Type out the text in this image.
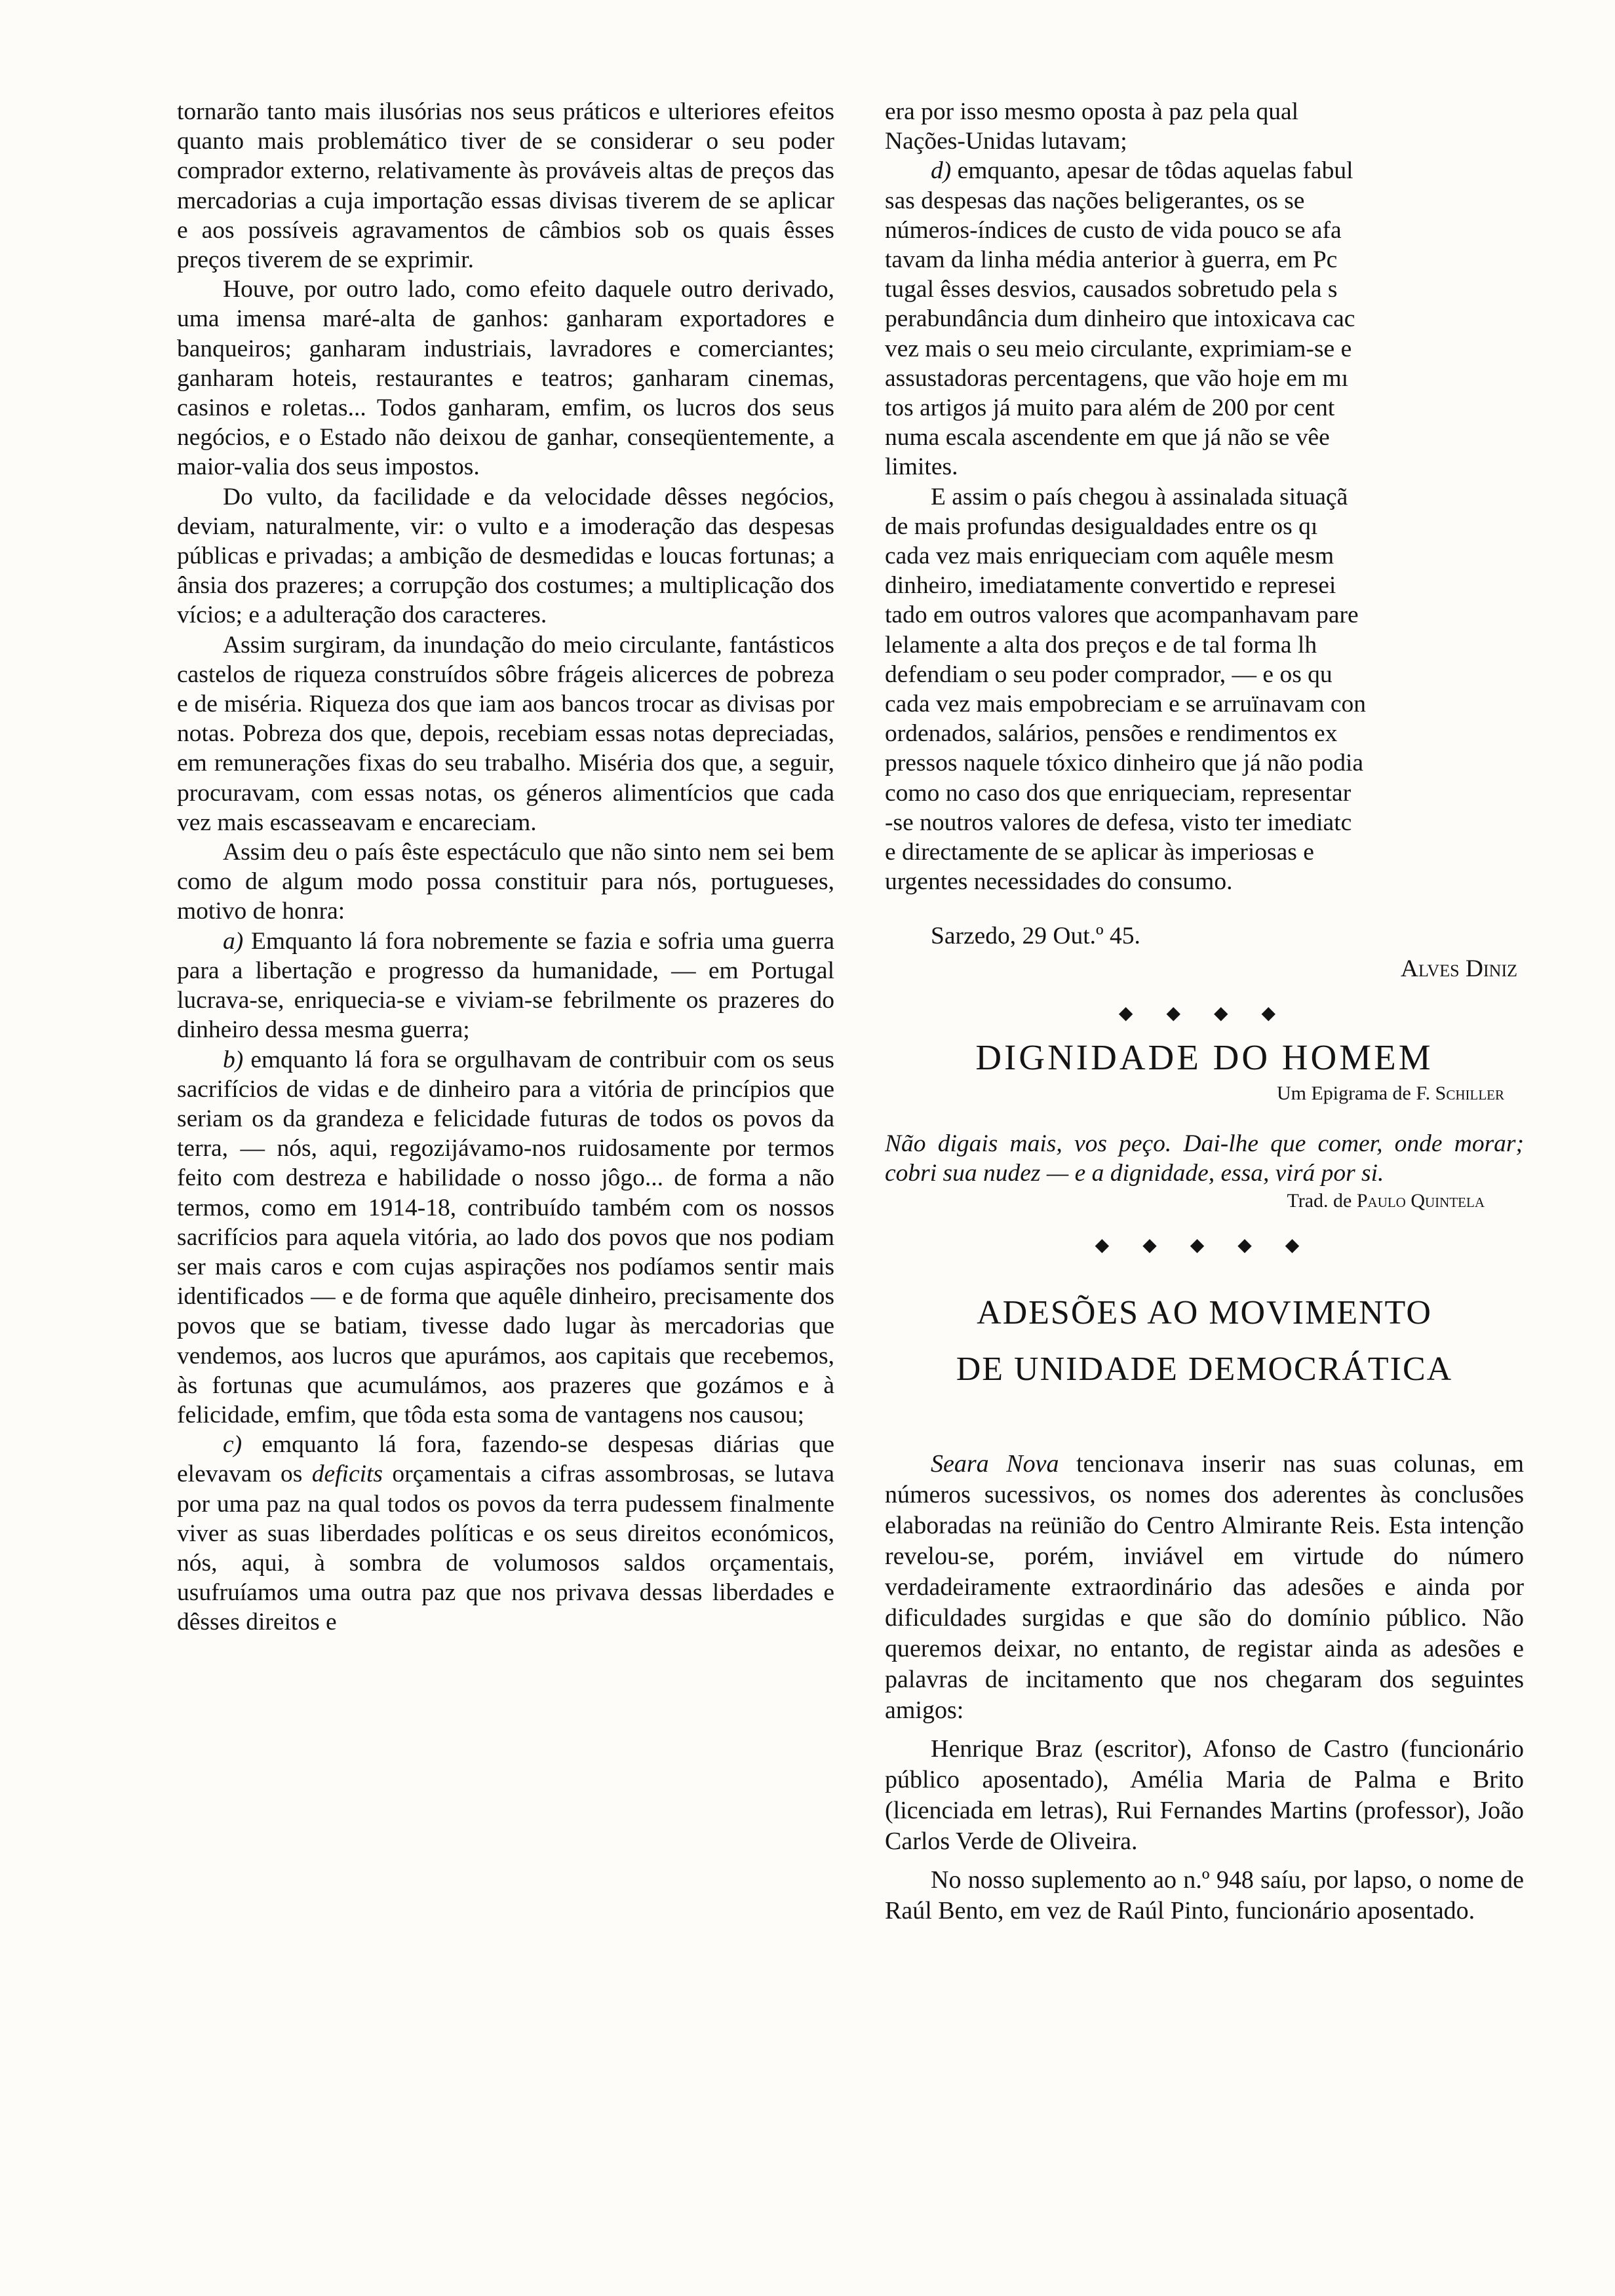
tornarão tanto mais ilusórias nos seus práticos e ulteriores efeitos quanto mais problemático tiver de se considerar o seu poder comprador externo, relativamente às prováveis altas de preços das mercadorias a cuja importação essas divisas tiverem de se aplicar e aos possíveis agravamentos de câmbios sob os quais êsses preços tiverem de se exprimir.

Houve, por outro lado, como efeito daquele outro derivado, uma imensa maré-alta de ganhos: ganharam exportadores e banqueiros; ganharam industriais, lavradores e comerciantes; ganharam hoteis, restaurantes e teatros; ganharam cinemas, casinos e roletas... Todos ganharam, emfim, os lucros dos seus negócios, e o Estado não deixou de ganhar, conseqüentemente, a maior-valia dos seus impostos.

Do vulto, da facilidade e da velocidade dêsses negócios, deviam, naturalmente, vir: o vulto e a imoderação das despesas públicas e privadas; a ambição de desmedidas e loucas fortunas; a ânsia dos prazeres; a corrupção dos costumes; a multiplicação dos vícios; e a adulteração dos caracteres.

Assim surgiram, da inundação do meio circulante, fantásticos castelos de riqueza construídos sôbre frágeis alicerces de pobreza e de miséria. Riqueza dos que iam aos bancos trocar as divisas por notas. Pobreza dos que, depois, recebiam essas notas depreciadas, em remunerações fixas do seu trabalho. Miséria dos que, a seguir, procuravam, com essas notas, os géneros alimentícios que cada vez mais escasseavam e encareciam.

Assim deu o país êste espectáculo que não sinto nem sei bem como de algum modo possa constituir para nós, portugueses, motivo de honra:

a) Emquanto lá fora nobremente se fazia e sofria uma guerra para a libertação e progresso da humanidade, — em Portugal lucrava-se, enriquecia-se e viviam-se febrilmente os prazeres do dinheiro dessa mesma guerra;

b) emquanto lá fora se orgulhavam de contribuir com os seus sacrifícios de vidas e de dinheiro para a vitória de princípios que seriam os da grandeza e felicidade futuras de todos os povos da terra, — nós, aqui, regozijávamo-nos ruidosamente por termos feito com destreza e habilidade o nosso jôgo... de forma a não termos, como em 1914-18, contribuído também com os nossos sacrifícios para aquela vitória, ao lado dos povos que nos podiam ser mais caros e com cujas aspirações nos podíamos sentir mais identificados — e de forma que aquêle dinheiro, precisamente dos povos que se batiam, tivesse dado lugar às mercadorias que vendemos, aos lucros que apurámos, aos capitais que recebemos, às fortunas que acumulámos, aos prazeres que gozámos e à felicidade, emfim, que tôda esta soma de vantagens nos causou;

c) emquanto lá fora, fazendo-se despesas diárias que elevavam os deficits orçamentais a cifras assombrosas, se lutava por uma paz na qual todos os povos da terra pudessem finalmente viver as suas liberdades políticas e os seus direitos económicos, nós, aqui, à sombra de volumosos saldos orçamentais, usufruíamos uma outra paz que nos privava dessas liberdades e dêsses direitos e

era por isso mesmo oposta à paz pela qual
Nações-Unidas lutavam;
d) emquanto, apesar de tôdas aquelas fabul
sas despesas das nações beligerantes, os se
números-índices de custo de vida pouco se afa
tavam da linha média anterior à guerra, em Pc
tugal êsses desvios, causados sobretudo pela s
perabundância dum dinheiro que intoxicava cac
vez mais o seu meio circulante, exprimiam-se e
assustadoras percentagens, que vão hoje em mı
tos artigos já muito para além de 200 por cent
numa escala ascendente em que já não se vêe
limites.
E assim o país chegou à assinalada situaçã
de mais profundas desigualdades entre os qı
cada vez mais enriqueciam com aquêle mesm
dinheiro, imediatamente convertido e represei
tado em outros valores que acompanhavam pare
lelamente a alta dos preços e de tal forma lh
defendiam o seu poder comprador, — e os qu
cada vez mais empobreciam e se arruïnavam con
ordenados, salários, pensões e rendimentos ex
pressos naquele tóxico dinheiro que já não podia
como no caso dos que enriqueciam, representar
-se noutros valores de defesa, visto ter imediatc
e directamente de se aplicar às imperiosas e
urgentes necessidades do consumo.

Sarzedo, 29 Out.º 45.

Alves Diniz

◆ ◆ ◆ ◆
DIGNIDADE DO HOMEM
Um Epigrama de F. Schiller

Não digais mais, vos peço. Dai-lhe que comer, onde morar; cobri sua nudez — e a dignidade, essa, virá por si.

Trad. de Paulo Quintela
◆ ◆ ◆ ◆ ◆
ADESÕES AO MOVIMENTO
DE UNIDADE DEMOCRÁTICA

Seara Nova tencionava inserir nas suas colunas, em números sucessivos, os nomes dos aderentes às conclusões elaboradas na reünião do Centro Almirante Reis. Esta intenção revelou-se, porém, inviável em virtude do número verdadeiramente extraordinário das adesões e ainda por dificuldades surgidas e que são do domínio público. Não queremos deixar, no entanto, de registar ainda as adesões e palavras de incitamento que nos chegaram dos seguintes amigos:

Henrique Braz (escritor), Afonso de Castro (funcionário público aposentado), Amélia Maria de Palma e Brito (licenciada em letras), Rui Fernandes Martins (professor), João Carlos Verde de Oliveira.

No nosso suplemento ao n.º 948 saíu, por lapso, o nome de Raúl Bento, em vez de Raúl Pinto, funcionário aposentado.
